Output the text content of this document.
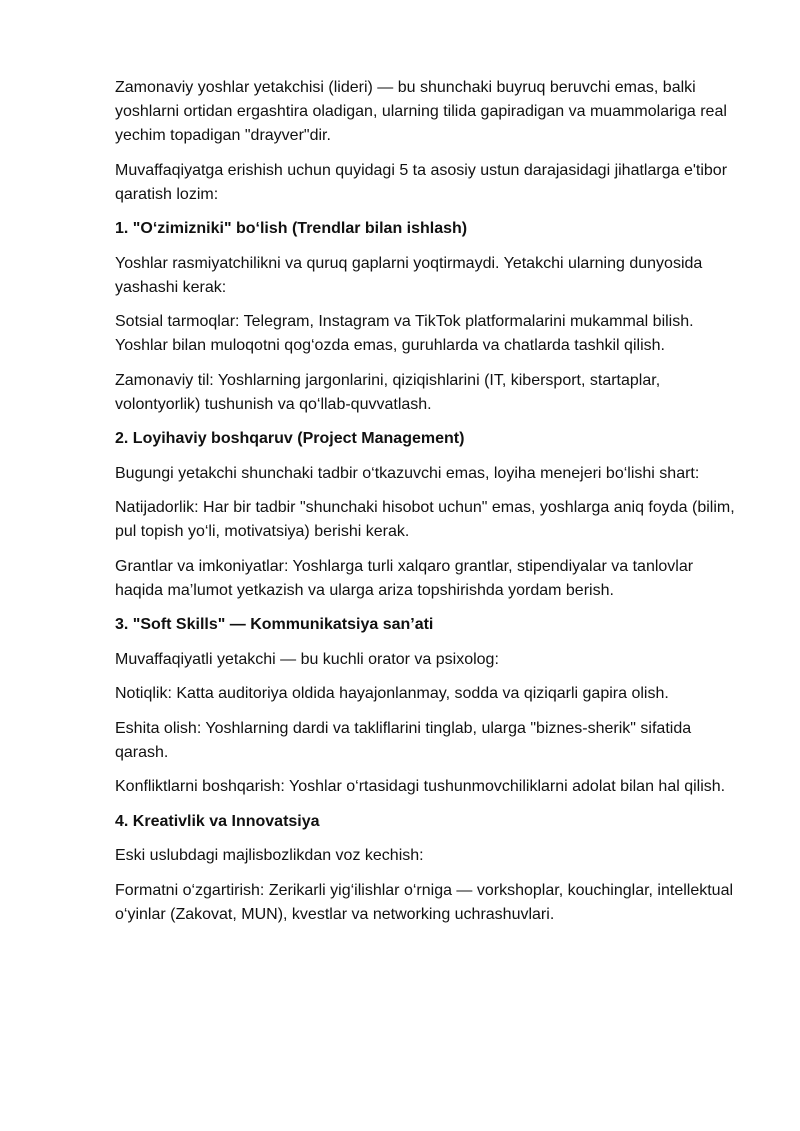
Zamonaviy yoshlar yetakchisi (lideri) — bu shunchaki buyruq beruvchi emas, balki yoshlarni ortidan ergashtira oladigan, ularning tilida gapiradigan va muammolariga real yechim topadigan "drayver"dir.

Muvaffaqiyatga erishish uchun quyidagi 5 ta asosiy ustun darajasidagi jihatlarga e'tibor qaratish lozim:

1. "O‘zimizniki" bo‘lish (Trendlar bilan ishlash)

Yoshlar rasmiyatchilikni va quruq gaplarni yoqtirmaydi. Yetakchi ularning dunyosida yashashi kerak:

Sotsial tarmoqlar: Telegram, Instagram va TikTok platformalarini mukammal bilish. Yoshlar bilan muloqotni qog‘ozda emas, guruhlarda va chatlarda tashkil qilish.

Zamonaviy til: Yoshlarning jargonlarini, qiziqishlarini (IT, kibersport, startaplar, volontyorlik) tushunish va qo‘llab-quvvatlash.

2. Loyihaviy boshqaruv (Project Management)

Bugungi yetakchi shunchaki tadbir o‘tkazuvchi emas, loyiha menejeri bo‘lishi shart:

Natijadorlik: Har bir tadbir "shunchaki hisobot uchun" emas, yoshlarga aniq foyda (bilim, pul topish yo‘li, motivatsiya) berishi kerak.

Grantlar va imkoniyatlar: Yoshlarga turli xalqaro grantlar, stipendiyalar va tanlovlar haqida ma’lumot yetkazish va ularga ariza topshirishda yordam berish.

3. "Soft Skills" — Kommunikatsiya san’ati

Muvaffaqiyatli yetakchi — bu kuchli orator va psixolog:

Notiqlik: Katta auditoriya oldida hayajonlanmay, sodda va qiziqarli gapira olish.

Eshita olish: Yoshlarning dardi va takliflarini tinglab, ularga "biznes-sherik" sifatida qarash.

Konfliktlarni boshqarish: Yoshlar o‘rtasidagi tushunmovchiliklarni adolat bilan hal qilish.

4. Kreativlik va Innovatsiya

Eski uslubdagi majlisbozlikdan voz kechish:

Formatni o‘zgartirish: Zerikarli yig‘ilishlar o‘rniga — vorkshoplar, kouchinglar, intellektual o‘yinlar (Zakovat, MUN), kvestlar va networking uchrashuvlari.
